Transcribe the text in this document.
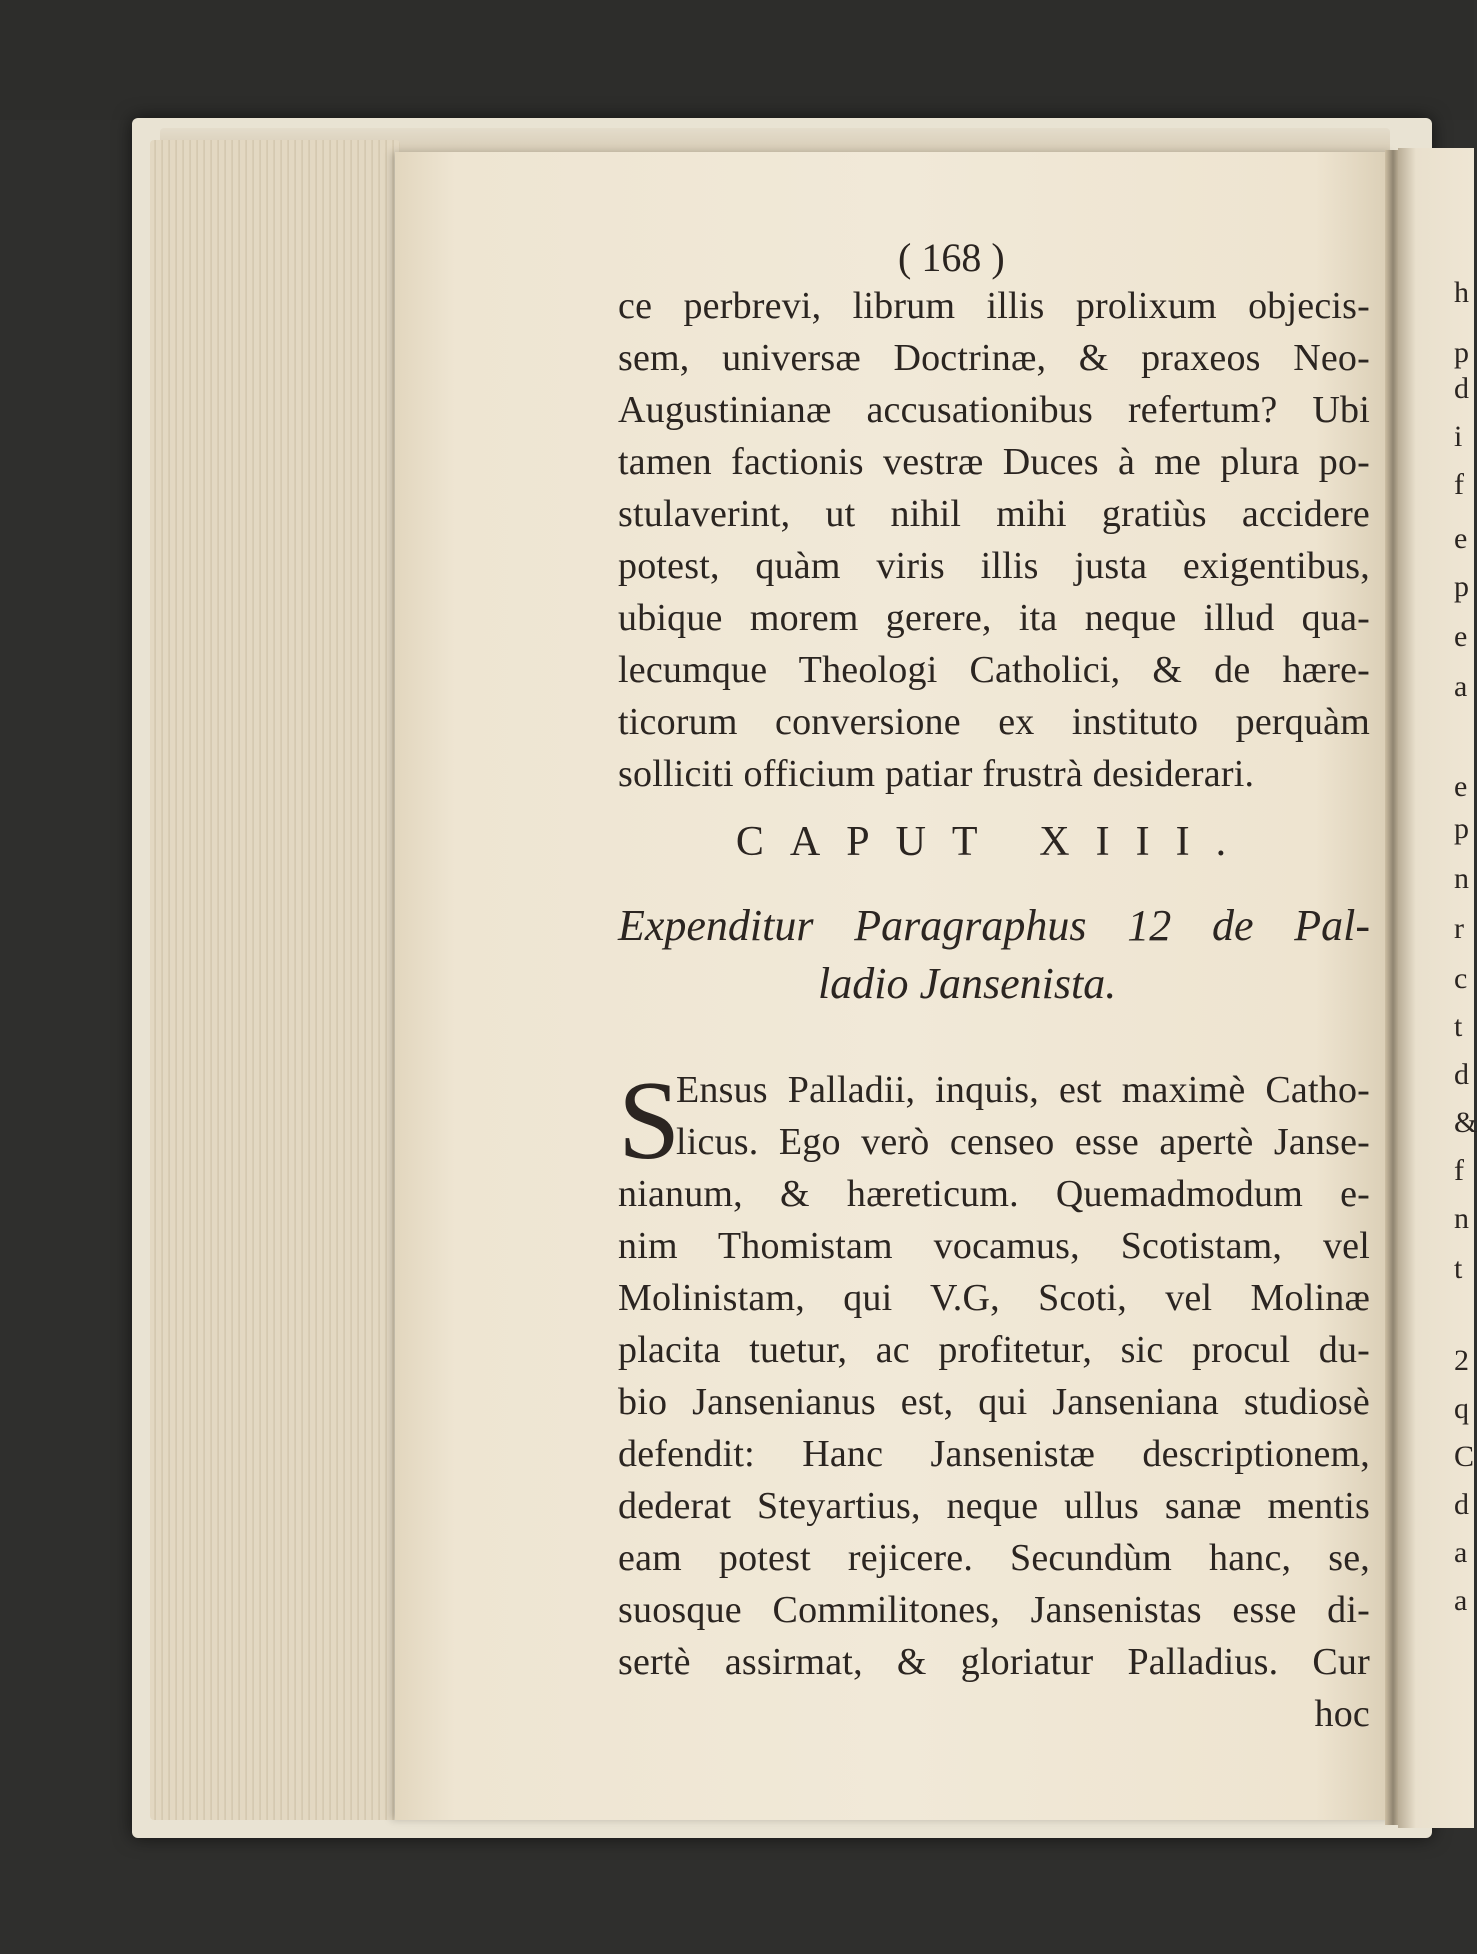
( 168 )
ce perbrevi, librum illis prolixum objecis-
sem, universæ Doctrinæ, & praxeos Neo-
Augustinianæ accusationibus refertum? Ubi
tamen factionis vestræ Duces à me plura po-
stulaverint, ut nihil mihi gratiùs accidere
potest, quàm viris illis justa exigentibus,
ubique morem gerere, ita neque illud qua-
lecumque Theologi Catholici, & de hære-
ticorum conversione ex instituto perquàm
solliciti officium patiar frustrà desiderari.
CAPUT XIII.
Expenditur Paragraphus 12 de Pal-
ladio Jansenista.
S
Ensus Palladii, inquis, est maximè Catho-
licus. Ego verò censeo esse apertè Janse-
nianum, & hæreticum. Quemadmodum e-
nim Thomistam vocamus, Scotistam, vel
Molinistam, qui V.G, Scoti, vel Molinæ
placita tuetur, ac profitetur, sic procul du-
bio Jansenianus est, qui Janseniana studiosè
defendit: Hanc Jansenistæ descriptionem,
dederat Steyartius, neque ullus sanæ mentis
eam potest rejicere. Secundùm hanc, se,
suosque Commilitones, Jansenistas esse di-
sertè assirmat, & gloriatur Palladius. Cur
hoc
h
p
d
i
f
e
p
e
a
e
p
n
r
c
t
d
&
f
n
t
2
q
C
d
a
a
